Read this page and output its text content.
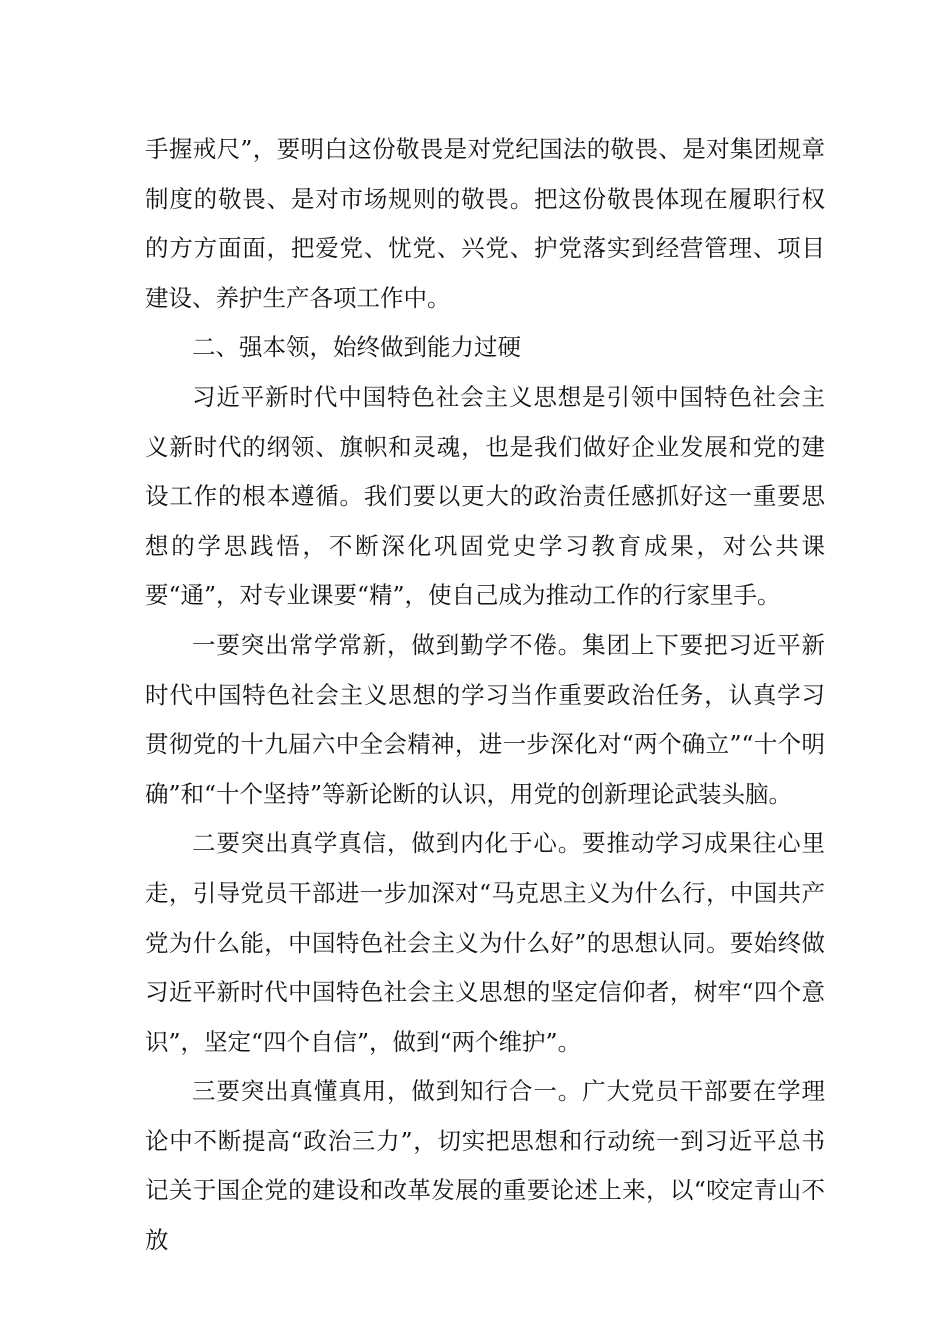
手握戒尺”，要明白这份敬畏是对党纪国法的敬畏、是对集团规章制度的敬畏、是对市场规则的敬畏。把这份敬畏体现在履职行权的方方面面，把爱党、忧党、兴党、护党落实到经营管理、项目建设、养护生产各项工作中。

二、强本领，始终做到能力过硬

习近平新时代中国特色社会主义思想是引领中国特色社会主义新时代的纲领、旗帜和灵魂，也是我们做好企业发展和党的建设工作的根本遵循。我们要以更大的政治责任感抓好这一重要思想的学思践悟，不断深化巩固党史学习教育成果，对公共课要“通”，对专业课要“精”，使自己成为推动工作的行家里手。

一要突出常学常新，做到勤学不倦。集团上下要把习近平新时代中国特色社会主义思想的学习当作重要政治任务，认真学习贯彻党的十九届六中全会精神，进一步深化对“两个确立”“十个明确”和“十个坚持”等新论断的认识，用党的创新理论武装头脑。

二要突出真学真信，做到内化于心。要推动学习成果往心里走，引导党员干部进一步加深对“马克思主义为什么行，中国共产党为什么能，中国特色社会主义为什么好”的思想认同。要始终做习近平新时代中国特色社会主义思想的坚定信仰者，树牢“四个意识”，坚定“四个自信”，做到“两个维护”。

三要突出真懂真用，做到知行合一。广大党员干部要在学理论中不断提高“政治三力”，切实把思想和行动统一到习近平总书记关于国企党的建设和改革发展的重要论述上来，以“咬定青山不放
